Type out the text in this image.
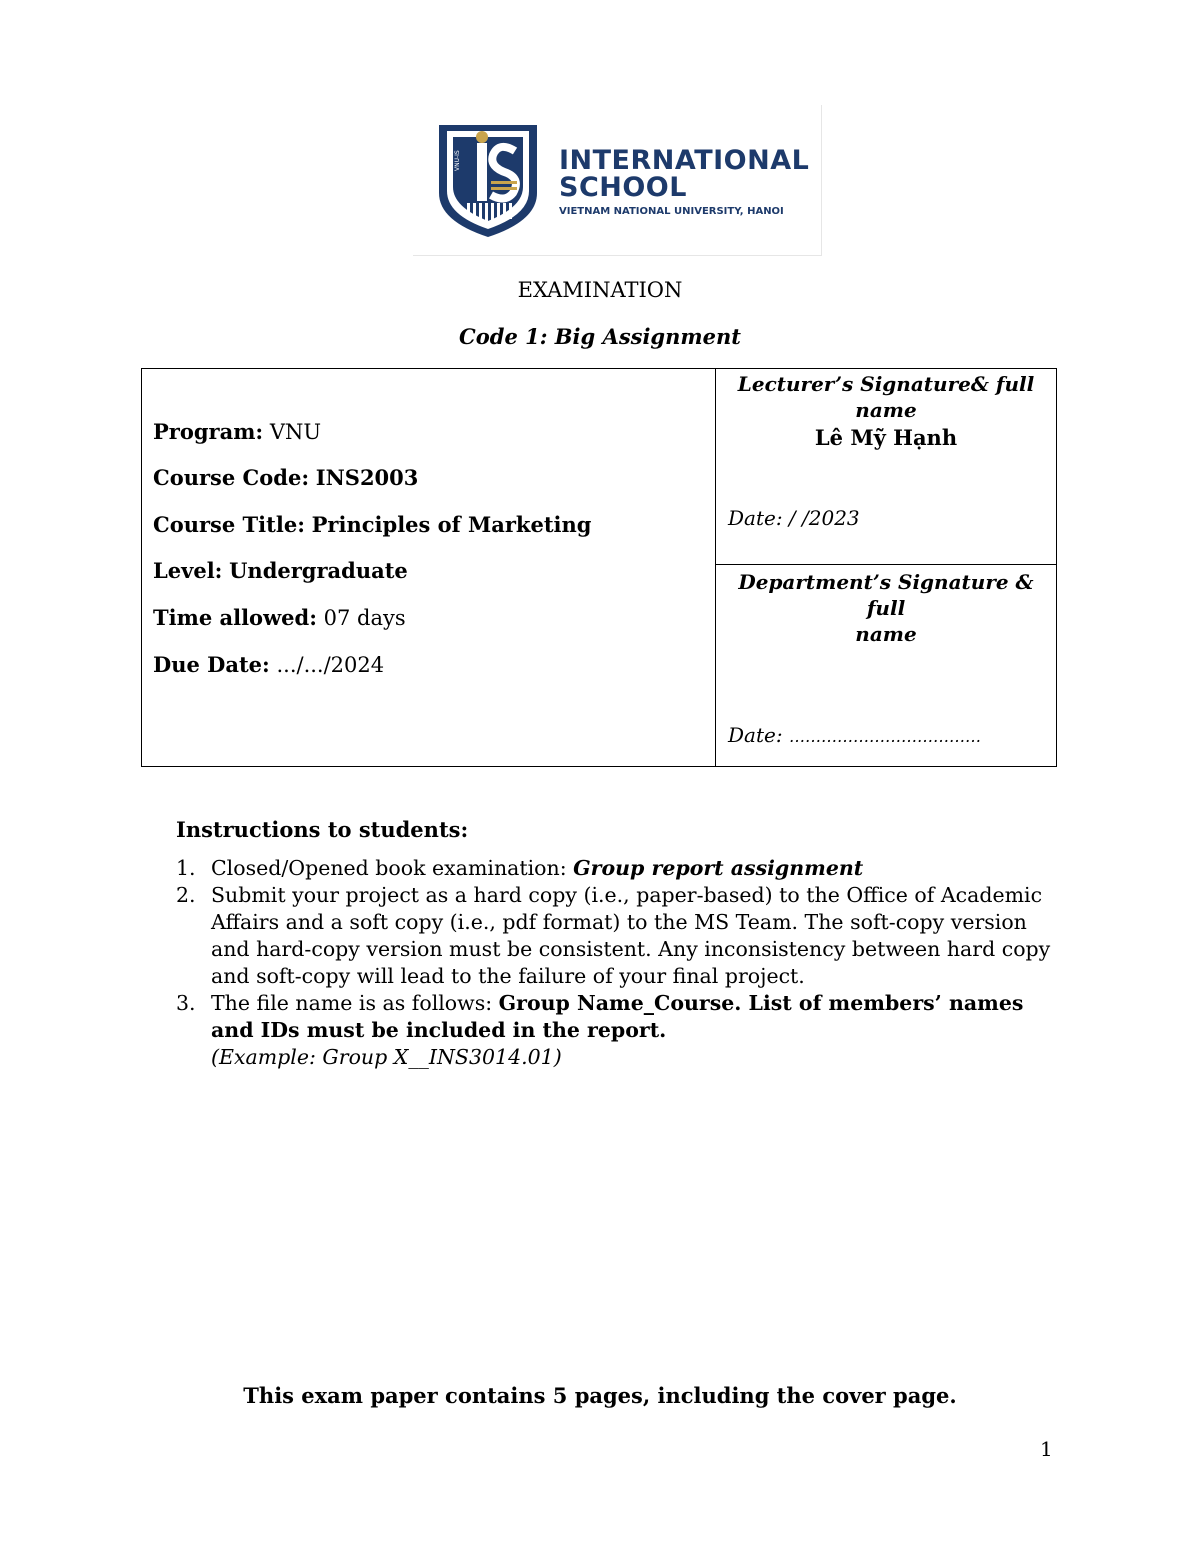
VNU-IS	INTERNATIONAL
SCHOOL
VIETNAM NATIONAL UNIVERSITY, HANOI
EXAMINATION
Code 1: Big Assignment
Program: VNU
Course Code: INS2003
Course Title: Principles of Marketing
Level: Undergraduate
Time allowed: 07 days
Due Date: .../.../2024
Lecturer’s Signature& full name
Lê Mỹ Hạnh
Date: / /2023
Department’s Signature & full
name
Date: ………………………………
Instructions to students:
1. Closed/Opened book examination: Group report assignment
2. Submit your project as a hard copy (i.e., paper-based) to the Office of Academic Affairs and a soft copy (i.e., pdf format) to the MS Team. The soft-copy version and hard-copy version must be consistent. Any inconsistency between hard copy and soft-copy will lead to the failure of your final project.
3. The file name is as follows: Group Name_Course. List of members’ names and IDs must be included in the report.
(Example: Group X__INS3014.01)
This exam paper contains 5 pages, including the cover page.
1
